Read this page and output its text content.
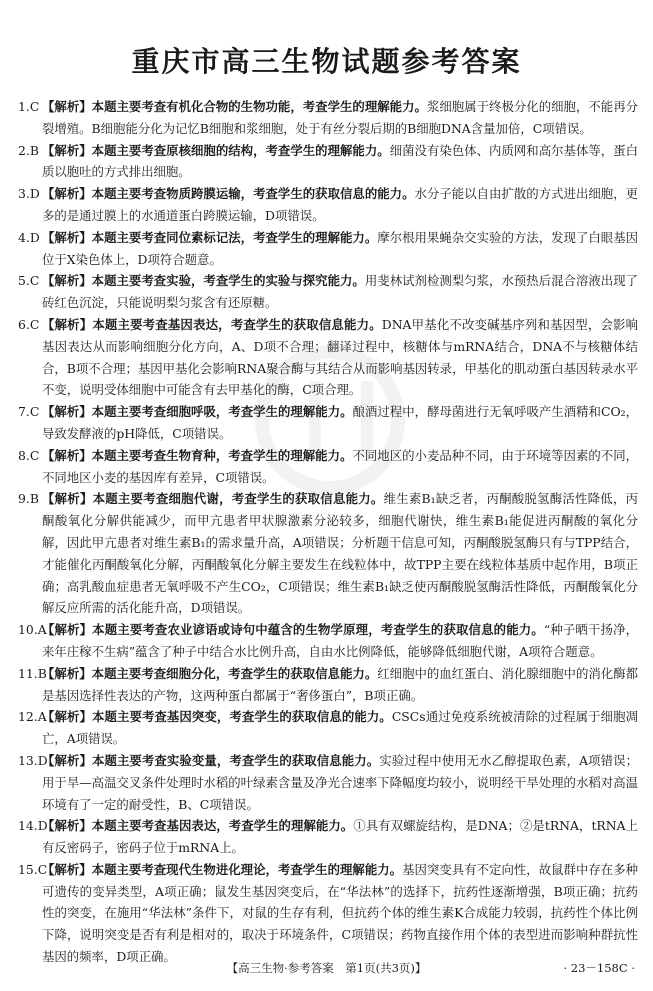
重庆市高三生物试题参考答案
1.C 【解析】本题主要考查有机化合物的生物功能，考查学生的理解能力。浆细胞属于终极分化的细胞，不能再分裂增殖。B细胞能分化为记忆B细胞和浆细胞，处于有丝分裂后期的B细胞DNA含量加倍，C项错误。
2.B 【解析】本题主要考查原核细胞的结构，考查学生的理解能力。细菌没有染色体、内质网和高尔基体等，蛋白质以胞吐的方式排出细胞。
3.D 【解析】本题主要考查物质跨膜运输，考查学生的获取信息的能力。水分子能以自由扩散的方式进出细胞，更多的是通过膜上的水通道蛋白跨膜运输，D项错误。
4.D 【解析】本题主要考查同位素标记法，考查学生的理解能力。摩尔根用果蝇杂交实验的方法，发现了白眼基因位于X染色体上，D项符合题意。
5.C 【解析】本题主要考查实验，考查学生的实验与探究能力。用斐林试剂检测梨匀浆，水预热后混合溶液出现了砖红色沉淀，只能说明梨匀浆含有还原糖。
6.C 【解析】本题主要考查基因表达，考查学生的获取信息能力。DNA甲基化不改变碱基序列和基因型，会影响基因表达从而影响细胞分化方向，A、D项不合理；翻译过程中，核糖体与mRNA结合，DNA不与核糖体结合，B项不合理；基因甲基化会影响RNA聚合酶与其结合从而影响基因转录，甲基化的肌动蛋白基因转录水平不变，说明受体细胞中可能含有去甲基化的酶，C项合理。
7.C 【解析】本题主要考查细胞呼吸，考查学生的理解能力。酿酒过程中，酵母菌进行无氧呼吸产生酒精和CO₂，导致发酵液的pH降低，C项错误。
8.C 【解析】本题主要考查生物育种，考查学生的理解能力。不同地区的小麦品种不同，由于环境等因素的不同，不同地区小麦的基因库有差异，C项错误。
9.B 【解析】本题主要考查细胞代谢，考查学生的获取信息能力。维生素B₁缺乏者，丙酮酸脱氢酶活性降低，丙酮酸氧化分解供能减少，而甲亢患者甲状腺激素分泌较多，细胞代谢快，维生素B₁能促进丙酮酸的氧化分解，因此甲亢患者对维生素B₁的需求量升高，A项错误；分析题干信息可知，丙酮酸脱氢酶只有与TPP结合，才能催化丙酮酸氧化分解，丙酮酸氧化分解主要发生在线粒体中，故TPP主要在线粒体基质中起作用，B项正确；高乳酸血症患者无氧呼吸不产生CO₂，C项错误；维生素B₁缺乏使丙酮酸脱氢酶活性降低，丙酮酸氧化分解反应所需的活化能升高，D项错误。
10.A
【解析】本题主要考查农业谚语或诗句中蕴含的生物学原理，考查学生的获取信息的能力。“种子晒干扬净，来年庄稼不生病”蕴含了种子中结合水比例升高，自由水比例降低，能够降低细胞代谢，A项符合题意。
11.B
【解析】本题主要考查细胞分化，考查学生的获取信息能力。红细胞中的血红蛋白、消化腺细胞中的消化酶都是基因选择性表达的产物，这两种蛋白都属于“奢侈蛋白”，B项正确。
12.A
【解析】本题主要考查基因突变，考查学生的获取信息的能力。CSCs通过免疫系统被清除的过程属于细胞凋亡，A项错误。
13.D
【解析】本题主要考查实验变量，考查学生的获取信息能力。实验过程中使用无水乙醇提取色素，A项错误；用于旱—高温交叉条件处理时水稻的叶绿素含量及净光合速率下降幅度均较小，说明经干旱处理的水稻对高温环境有了一定的耐受性，B、C项错误。
14.D
【解析】本题主要考查基因表达，考查学生的理解能力。①具有双螺旋结构，是DNA；②是tRNA，tRNA上有反密码子，密码子位于mRNA上。
15.C
【解析】本题主要考查现代生物进化理论，考查学生的理解能力。基因突变具有不定向性，故鼠群中存在多种可遗传的变异类型，A项正确；鼠发生基因突变后，在“华法林”的选择下，抗药性逐渐增强，B项正确；抗药性的突变，在施用“华法林”条件下，对鼠的生存有利，但抗药个体的维生素K合成能力较弱，抗药性个体比例下降，说明突变是否有利是相对的，取决于环境条件，C项错误；药物直接作用个体的表型进而影响种群抗性基因的频率，D项正确。
【高三生物·参考答案　第1页(共3页)】	· 23－158C ·
